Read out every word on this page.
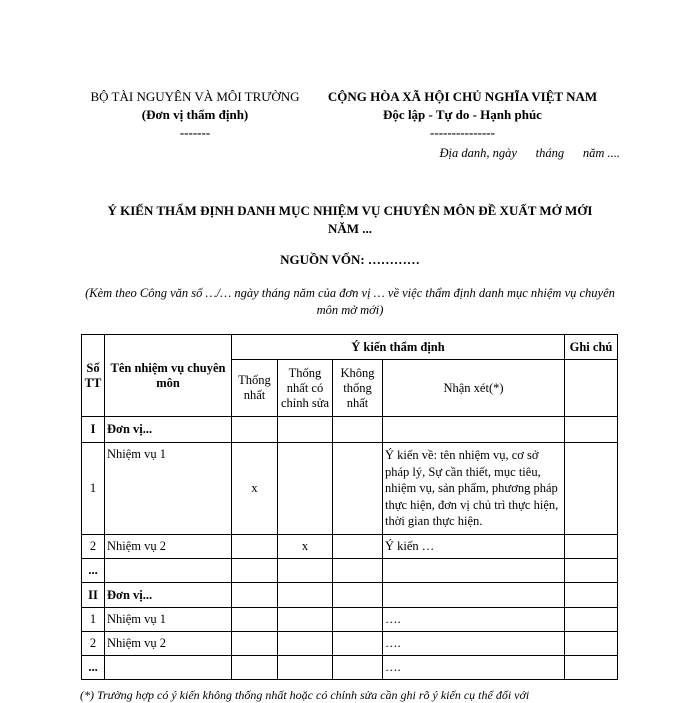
BỘ TÀI NGUYÊN VÀ MÔI TRƯỜNG
(Đơn vị thẩm định)
-------
CỘNG HÒA XÃ HỘI CHỦ NGHĨA VIỆT NAM
Độc lập - Tự do - Hạnh phúc
---------------
Địa danh, ngày      tháng      năm ....
Ý KIẾN THẨM ĐỊNH DANH MỤC NHIỆM VỤ CHUYÊN MÔN ĐỀ XUẤT MỞ MỚI
NĂM ...
NGUỒN VỐN: …………
(Kèm theo Công văn số …/… ngày tháng năm của đơn vị … về việc thẩm định danh mục nhiệm vụ chuyên môn mở mới)
Số TT	Tên nhiệm vụ chuyên môn	Ý kiến thẩm định				Ghi chú
		Thống nhất	Thống nhất có chỉnh sửa	Không thống nhất	Nhận xét(*)	
I	Đơn vị...					
1	Nhiệm vụ 1	x			Ý kiến về: tên nhiệm vụ, cơ sở pháp lý, Sự cần thiết, mục tiêu, nhiệm vụ, sản phẩm, phương pháp thực hiện, đơn vị chủ trì thực hiện, thời gian thực hiện.	
2	Nhiệm vụ 2		x		Ý kiến …	
...						
II	Đơn vị...					
1	Nhiệm vụ 1				….	
2	Nhiệm vụ 2				….	
...					….	
(*) Trường hợp có ý kiến không thống nhất hoặc có chỉnh sửa cần ghi rõ ý kiến cụ thể đối với
